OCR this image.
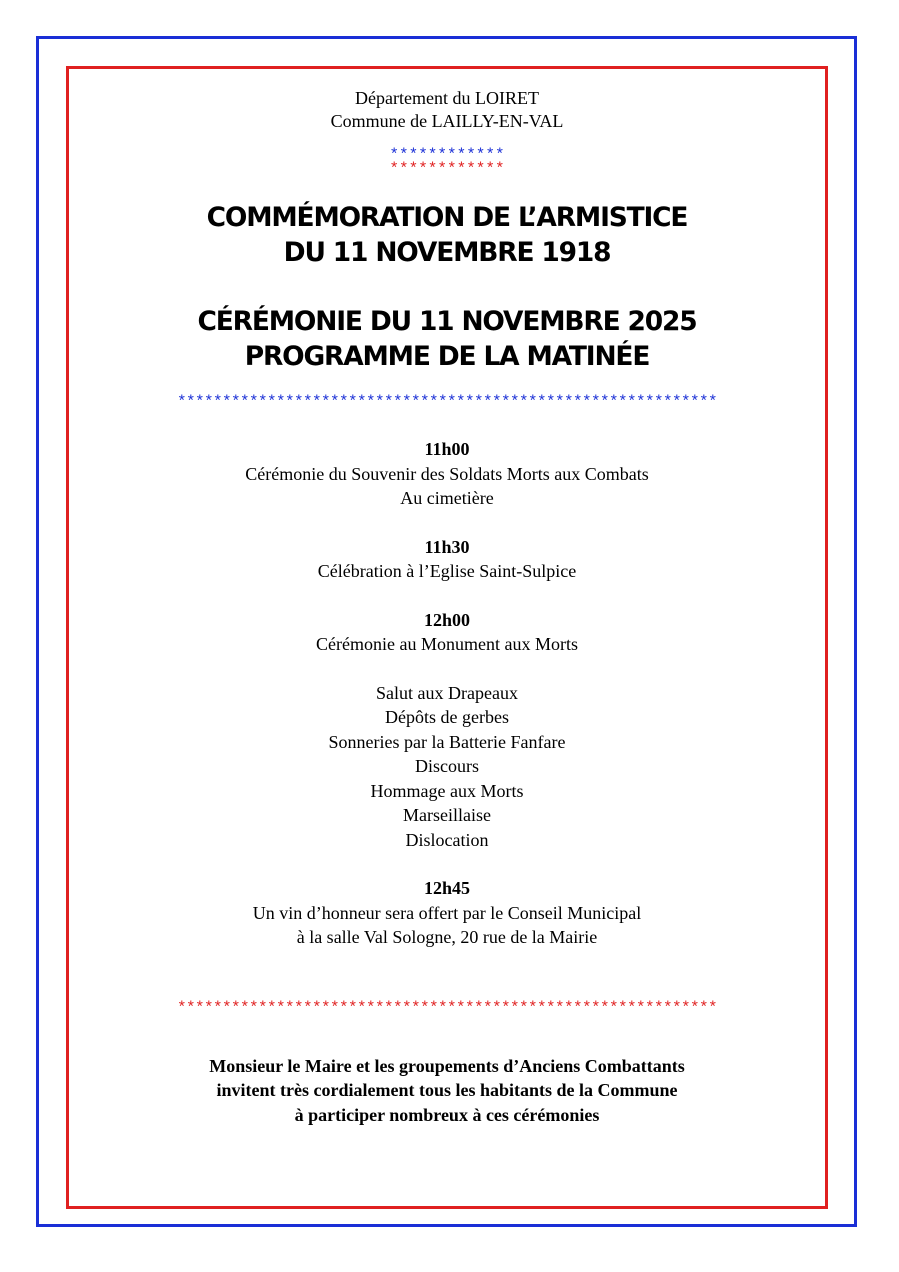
Département du LOIRET

Commune de LAILLY-EN-VAL

************

************

COMMÉMORATION DE L’ARMISTICE

DU 11 NOVEMBRE 1918

CÉRÉMONIE DU 11 NOVEMBRE 2025

PROGRAMME DE LA MATINÉE

************************************************************

11h00

Cérémonie du Souvenir des Soldats Morts aux Combats

Au cimetière

11h30

Célébration à l’Eglise Saint-Sulpice

12h00

Cérémonie au Monument aux Morts

Salut aux Drapeaux

Dépôts de gerbes

Sonneries par la Batterie Fanfare

Discours

Hommage aux Morts

Marseillaise

Dislocation

12h45

Un vin d’honneur sera offert par le Conseil Municipal

à la salle Val Sologne, 20 rue de la Mairie

************************************************************

Monsieur le Maire et les groupements d’Anciens Combattants

invitent très cordialement tous les habitants de la Commune

à participer nombreux à ces cérémonies
